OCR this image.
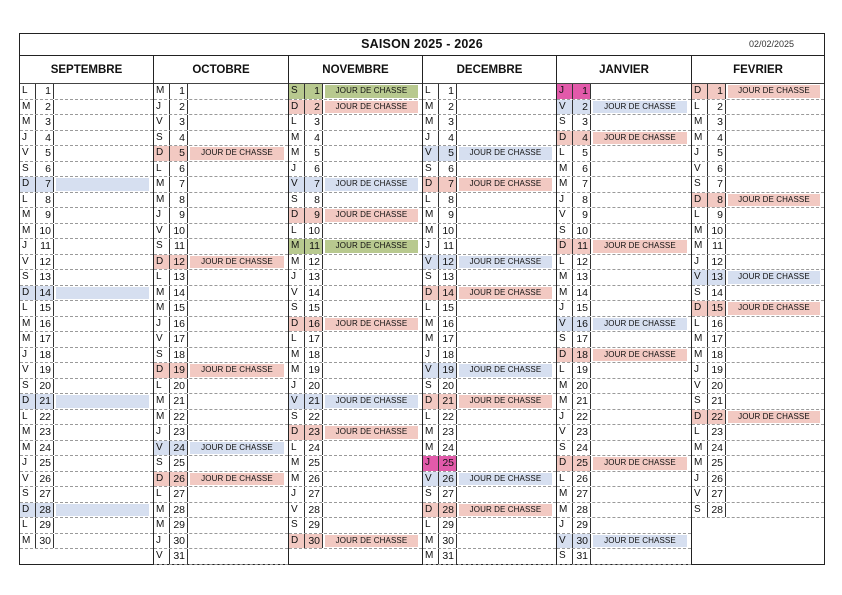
SAISON 2025 - 2026	02/02/2025
SEPTEMBRE
L	1
M	2
M	3
J	4
V	5
S	6
D	7
L	8
M	9
M 10
J	11
V	12
S	13
D 14
L	15
M 16
M 17
J	18
V	19
S	20
D 21
L	22
M 23
M 24
J	25
V	26
S	27
D 28
L	29
M 30
OCTOBRE
M	1
J	2
V	3
S	4
D	5	JOUR DE CHASSE
L	6
M	7
M	8
J	9
V	10
S	11
D 12	JOUR DE CHASSE
L	13
M 14
M 15
J	16
V	17
S	18
D 19	JOUR DE CHASSE
L	20
M 21
M 22
J	23
V	24	JOUR DE CHASSE
S	25
D 26	JOUR DE CHASSE
L	27
M 28
M 29
J	30
V	31
NOVEMBRE
S	1	JOUR DE CHASSE
D	2	JOUR DE CHASSE
L	3
M	4
M	5
J	6
V	7	JOUR DE CHASSE
S	8
D	9	JOUR DE CHASSE
L	10
M 11	JOUR DE CHASSE
M 12
J	13
V	14
S	15
D 16	JOUR DE CHASSE
L	17
M 18
M 19
J	20
V	21	JOUR DE CHASSE
S	22
D 23	JOUR DE CHASSE
L	24
M 25
M 26
J	27
V	28
S	29
D 30	JOUR DE CHASSE
DECEMBRE
L	1
M	2
M	3
J	4
V	5	JOUR DE CHASSE
S	6
D	7	JOUR DE CHASSE
L	8
M	9
M 10
J	11
V	12	JOUR DE CHASSE
S	13
D 14	JOUR DE CHASSE
L	15
M 16
M 17
J	18
V	19	JOUR DE CHASSE
S	20
D 21	JOUR DE CHASSE
L	22
M 23
M 24
J	25
V	26	JOUR DE CHASSE
S	27
D 28	JOUR DE CHASSE
L	29
M 30
M 31
JANVIER
J	1
V	2	JOUR DE CHASSE
S	3
D	4	JOUR DE CHASSE
L	5
M	6
M	7
J	8
V	9
S	10
D	11	JOUR DE CHASSE
L	12
M 13
M 14
J	15
V	16	JOUR DE CHASSE
S	17
D 18	JOUR DE CHASSE
L	19
M 20
M 21
J	22
V	23
S	24
D 25	JOUR DE CHASSE
L	26
M 27
M 28
J	29
V	30	JOUR DE CHASSE
S	31
FEVRIER
D	1	JOUR DE CHASSE
L	2
M	3
M	4
J	5
V	6
S	7
D	8	JOUR DE CHASSE
L	9
M 10
M 11
J	12
V	13	JOUR DE CHASSE
S	14
D 15	JOUR DE CHASSE
L	16
M 17
M 18
J	19
V	20
S	21
D 22	JOUR DE CHASSE
L	23
M 24
M 25
J	26
V	27
S	28
